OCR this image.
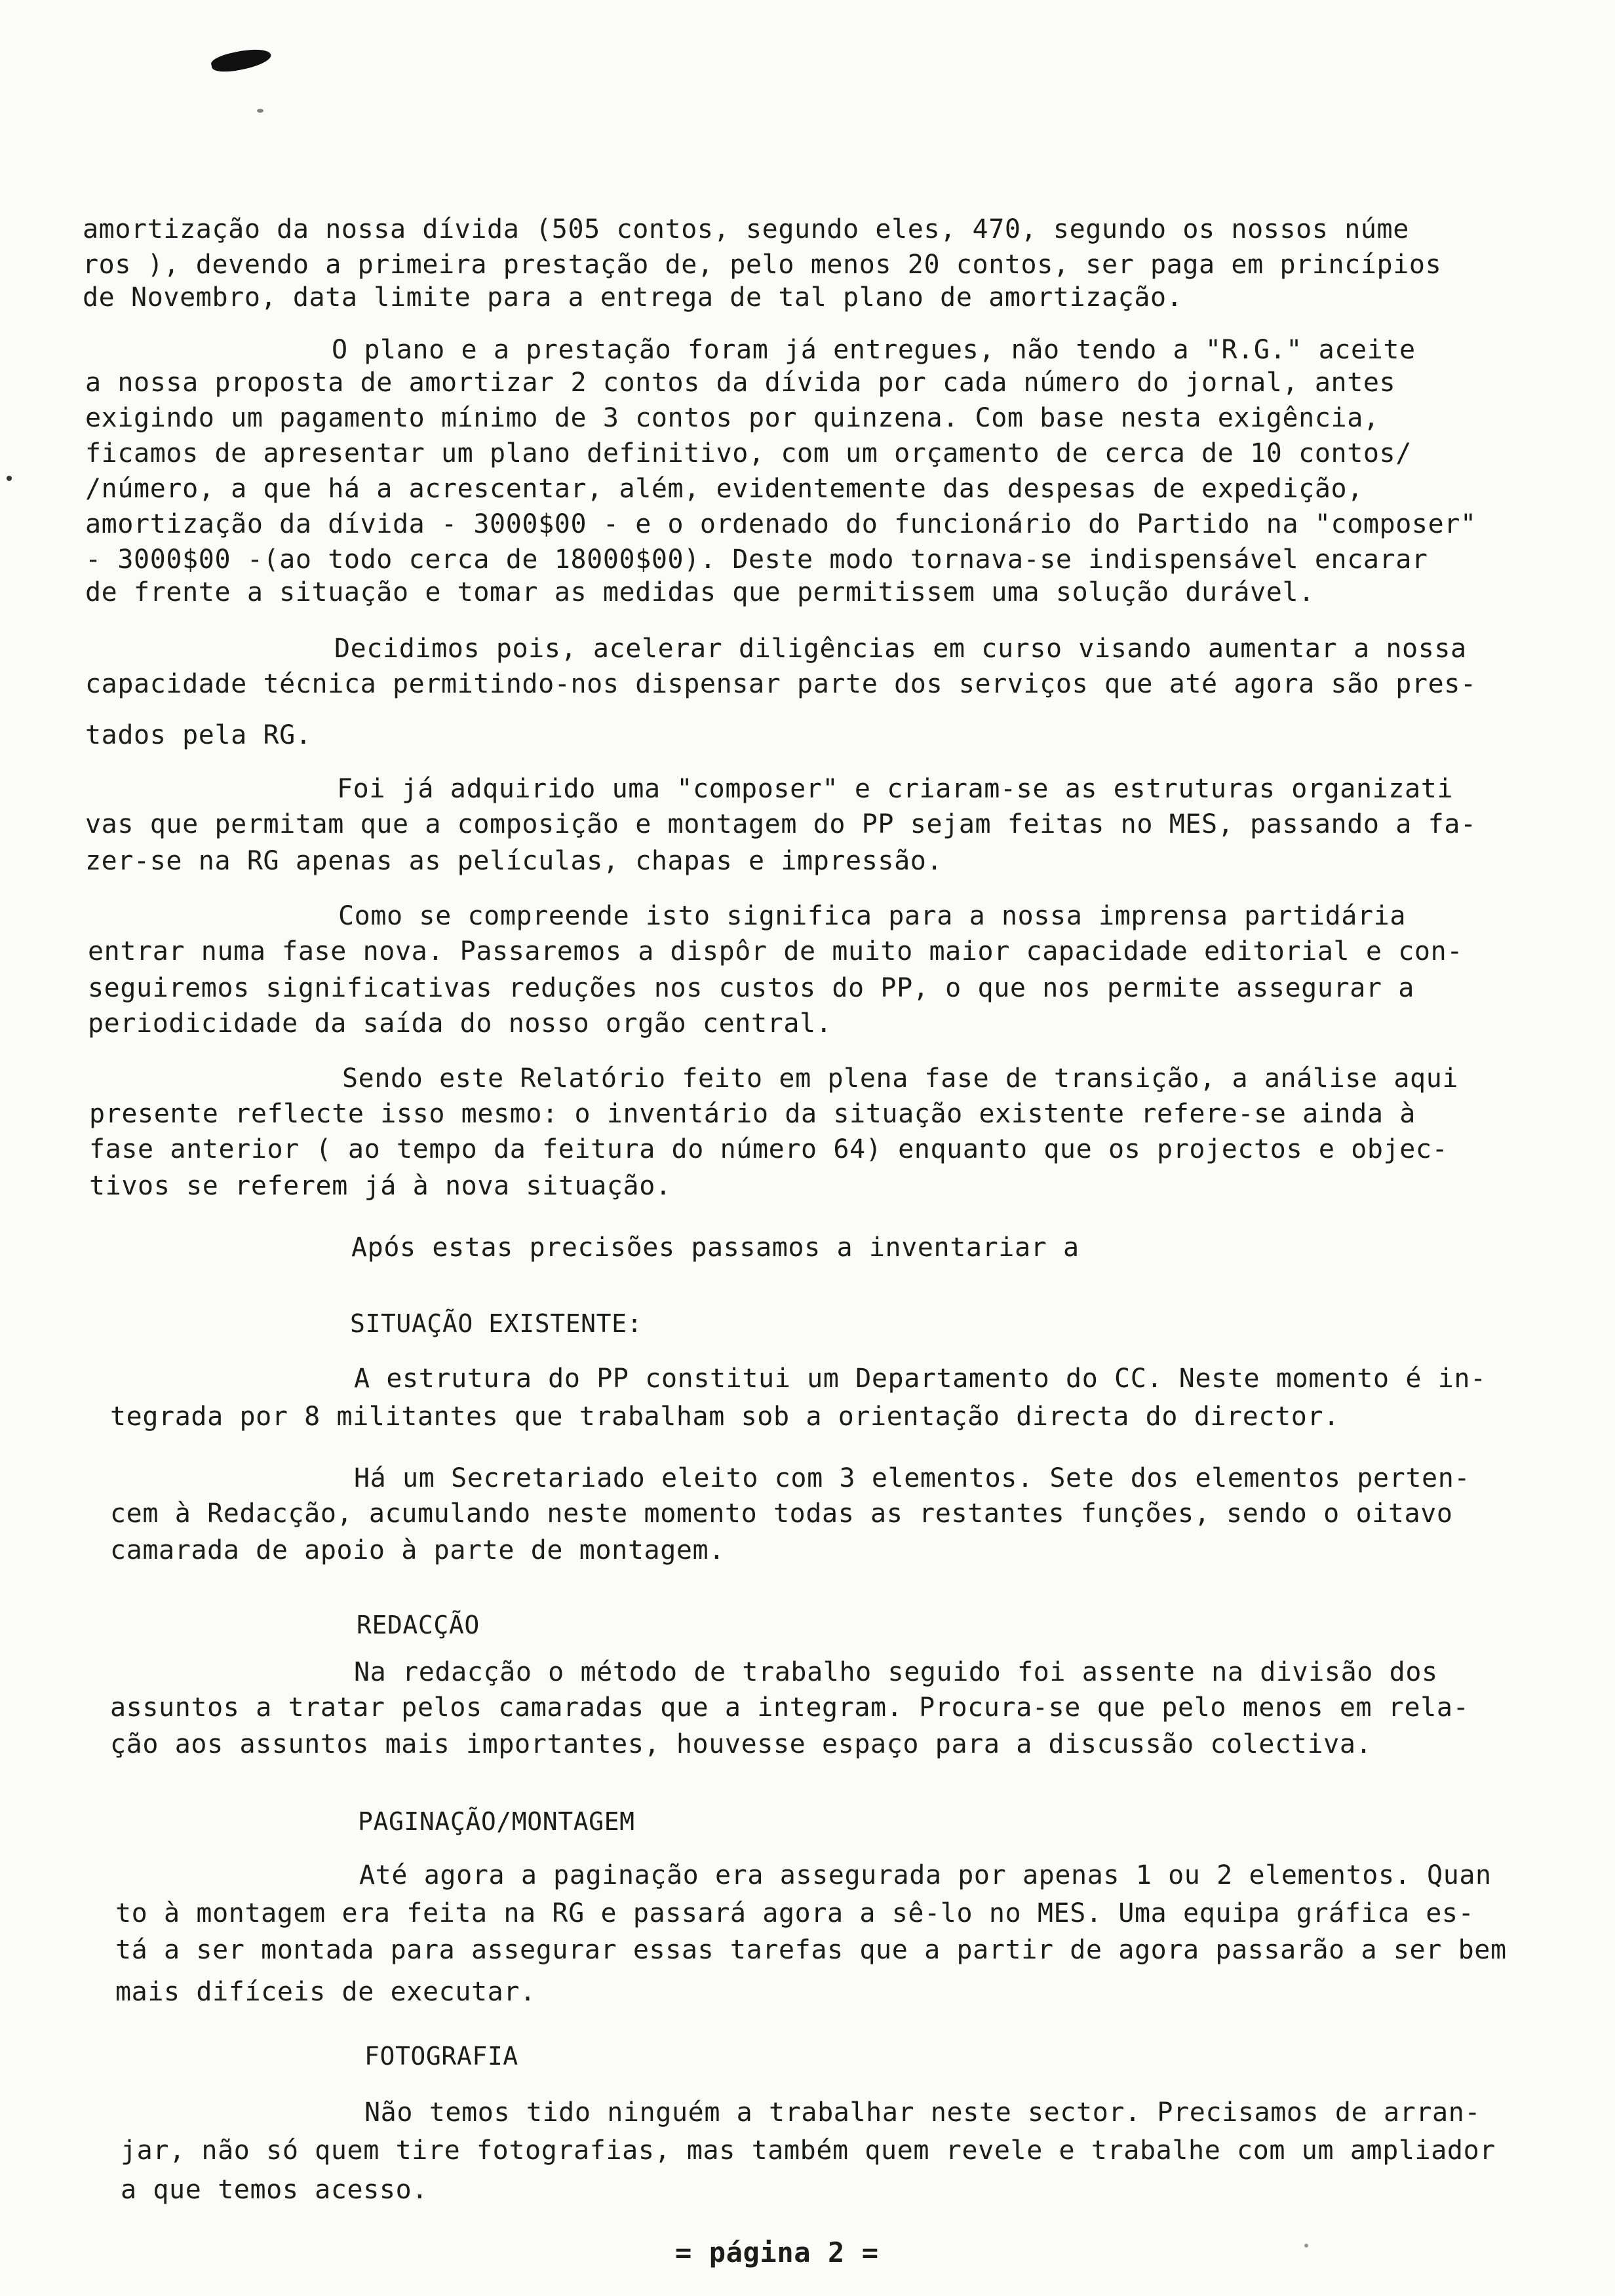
amortização da nossa dívida (505 contos, segundo eles, 470, segundo os nossos núme
ros ), devendo a primeira prestação de, pelo menos 20 contos, ser paga em princípios
de Novembro, data limite para a entrega de tal plano de amortização.
O plano e a prestação foram já entregues, não tendo a "R.G." aceite
a nossa proposta de amortizar 2 contos da dívida por cada número do jornal, antes
exigindo um pagamento mínimo de 3 contos por quinzena. Com base nesta exigência,
ficamos de apresentar um plano definitivo, com um orçamento de cerca de 10 contos/
/número, a que há a acrescentar, além, evidentemente das despesas de expedição,
amortização da dívida - 3000$00 - e o ordenado do funcionário do Partido na "composer"
- 3000$00 -(ao todo cerca de 18000$00). Deste modo tornava-se indispensável encarar
de frente a situação e tomar as medidas que permitissem uma solução durável.
Decidimos pois, acelerar diligências em curso visando aumentar a nossa
capacidade técnica permitindo-nos dispensar parte dos serviços que até agora são pres-
tados pela RG.
Foi já adquirido uma "composer" e criaram-se as estruturas organizati
vas que permitam que a composição e montagem do PP sejam feitas no MES, passando a fa-
zer-se na RG apenas as películas, chapas e impressão.
Como se compreende isto significa para a nossa imprensa partidária
entrar numa fase nova. Passaremos a dispôr de muito maior capacidade editorial e con-
seguiremos significativas reduções nos custos do PP, o que nos permite assegurar a
periodicidade da saída do nosso orgão central.
Sendo este Relatório feito em plena fase de transição, a análise aqui
presente reflecte isso mesmo: o inventário da situação existente refere-se ainda à
fase anterior ( ao tempo da feitura do número 64) enquanto que os projectos e objec-
tivos se referem já à nova situação.
Após estas precisões passamos a inventariar a
SITUAÇÃO EXISTENTE:
A estrutura do PP constitui um Departamento do CC. Neste momento é in-
tegrada por 8 militantes que trabalham sob a orientação directa do director.
Há um Secretariado eleito com 3 elementos. Sete dos elementos perten-
cem à Redacção, acumulando neste momento todas as restantes funções, sendo o oitavo
camarada de apoio à parte de montagem.
REDACÇÃO
Na redacção o método de trabalho seguido foi assente na divisão dos
assuntos a tratar pelos camaradas que a integram. Procura-se que pelo menos em rela-
ção aos assuntos mais importantes, houvesse espaço para a discussão colectiva.
PAGINAÇÃO/MONTAGEM
Até agora a paginação era assegurada por apenas 1 ou 2 elementos. Quan
to à montagem era feita na RG e passará agora a sê-lo no MES. Uma equipa gráfica es-
tá a ser montada para assegurar essas tarefas que a partir de agora passarão a ser bem
mais difíceis de executar.
FOTOGRAFIA
Não temos tido ninguém a trabalhar neste sector. Precisamos de arran-
jar, não só quem tire fotografias, mas também quem revele e trabalhe com um ampliador
a que temos acesso.
= página 2 =
